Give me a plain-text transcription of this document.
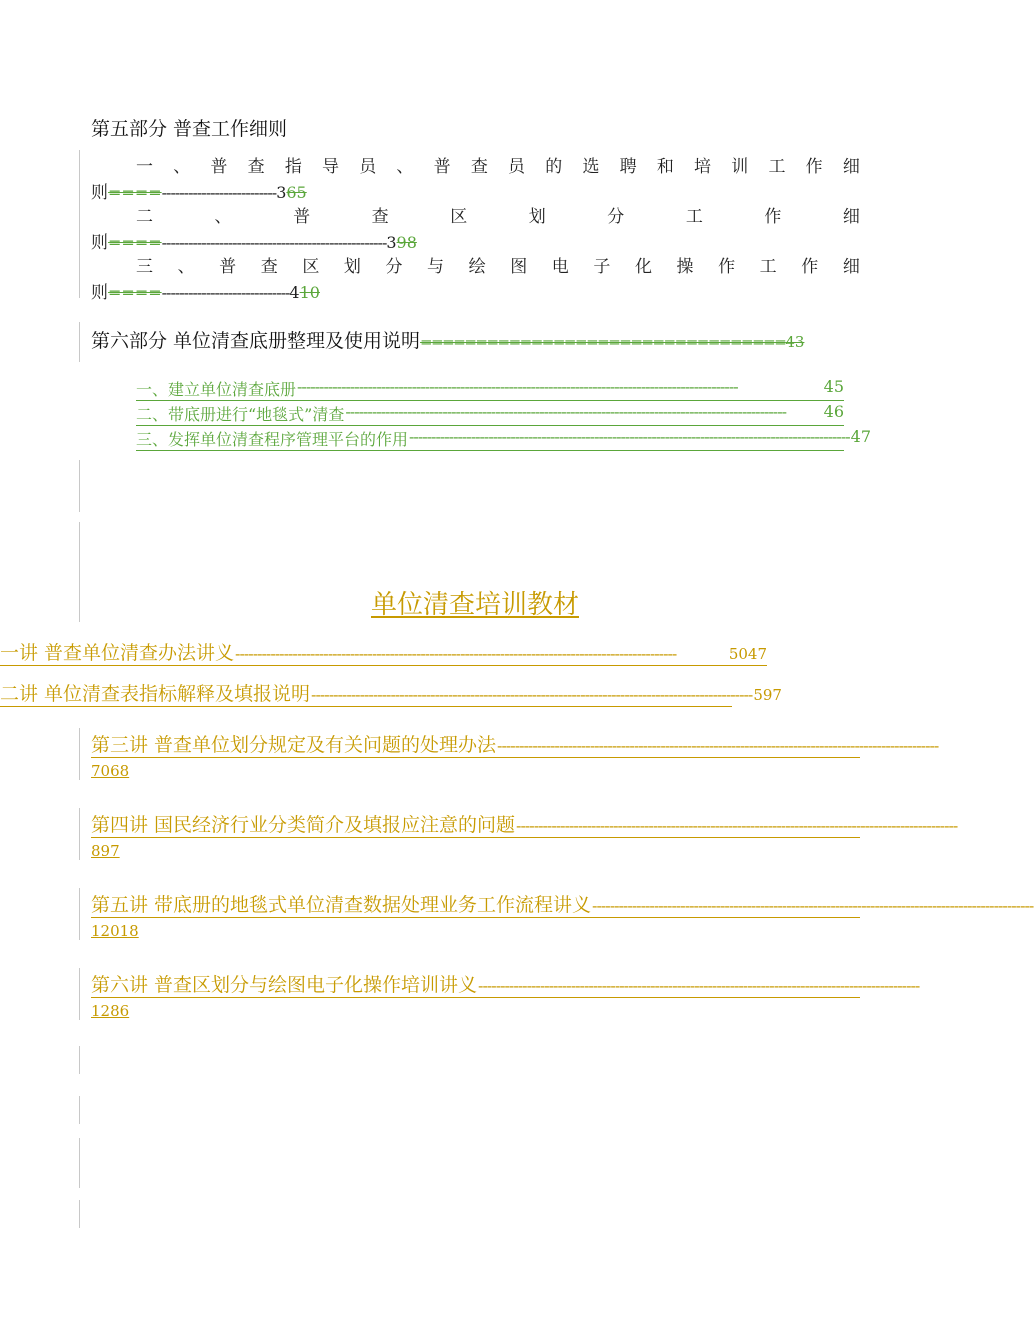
第五部分 普查工作细则
一 、 普 查 指 导 员 、 普 查 员 的 选 聘 和 培 训 工 作 细
则====--------------------------365
二	、	普	查	区	划	分	工	作	细
则====---------------------------------------------------398
三 、 普 查 区 划 分 与 绘 图 电 子 化 操 作 工 作 细
则====-----------------------------410
第六部分 单位清查底册整理及使用说明=================================43
一、建立单位清查底册 ----------------------------------------------------------------------------------------------------	45
二、带底册进行“地毯式”清查 ----------------------------------------------------------------------------------------------------	46
三、发挥单位清查程序管理平台的作用 ---------------------------------------------------------------------------------------------------- 47
单位清查培训教材
一讲 普查单位清查办法讲义 ----------------------------------------------------------------------------------------------------	5047
二讲 单位清查表指标解释及填报说明 ---------------------------------------------------------------------------------------------------- 597
第三讲 普查单位划分规定及有关问题的处理办法 ----------------------------------------------------------------------------------------------------
7068
第四讲 国民经济行业分类简介及填报应注意的问题 ----------------------------------------------------------------------------------------------------
897
第五讲 带底册的地毯式单位清查数据处理业务工作流程讲义 ----------------------------------------------------------------------------------------------------
12018
第六讲 普查区划分与绘图电子化操作培训讲义 ----------------------------------------------------------------------------------------------------
1286
